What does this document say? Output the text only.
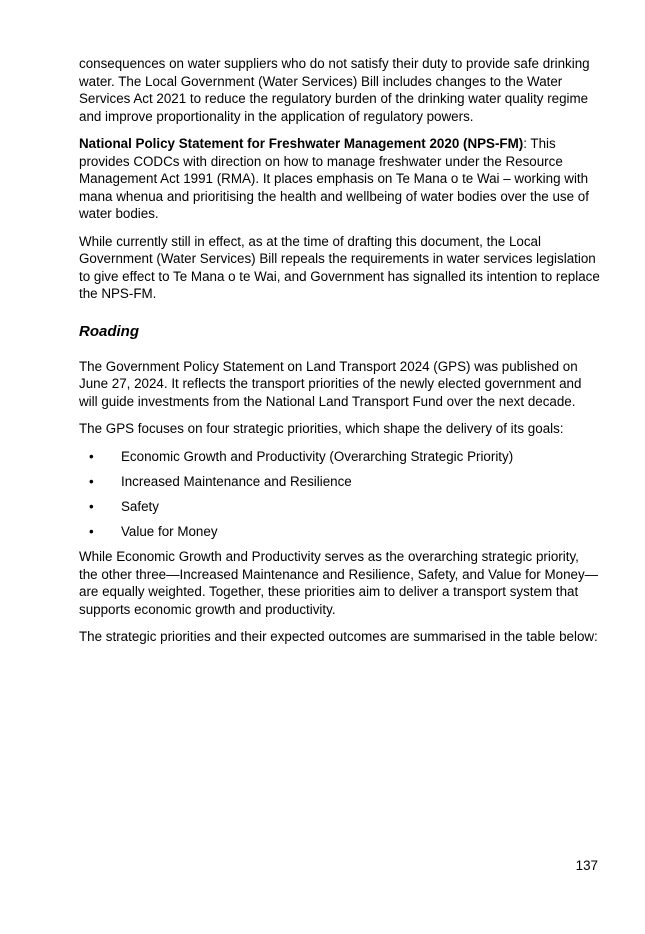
consequences on water suppliers who do not satisfy their duty to provide safe drinking water. The Local Government (Water Services) Bill includes changes to the Water Services Act 2021 to reduce the regulatory burden of the drinking water quality regime and improve proportionality in the application of regulatory powers.

National Policy Statement for Freshwater Management 2020 (NPS-FM): This provides CODCs with direction on how to manage freshwater under the Resource Management Act 1991 (RMA). It places emphasis on Te Mana o te Wai – working with mana whenua and prioritising the health and wellbeing of water bodies over the use of water bodies.

While currently still in effect, as at the time of drafting this document, the Local Government (Water Services) Bill repeals the requirements in water services legislation to give effect to Te Mana o te Wai, and Government has signalled its intention to replace the NPS-FM.

Roading

The Government Policy Statement on Land Transport 2024 (GPS) was published on June 27, 2024. It reflects the transport priorities of the newly elected government and will guide investments from the National Land Transport Fund over the next decade.

The GPS focuses on four strategic priorities, which shape the delivery of its goals:

• Economic Growth and Productivity (Overarching Strategic Priority)
• Increased Maintenance and Resilience
• Safety
• Value for Money

While Economic Growth and Productivity serves as the overarching strategic priority, the other three—Increased Maintenance and Resilience, Safety, and Value for Money—are equally weighted. Together, these priorities aim to deliver a transport system that supports economic growth and productivity.

The strategic priorities and their expected outcomes are summarised in the table below:

137
